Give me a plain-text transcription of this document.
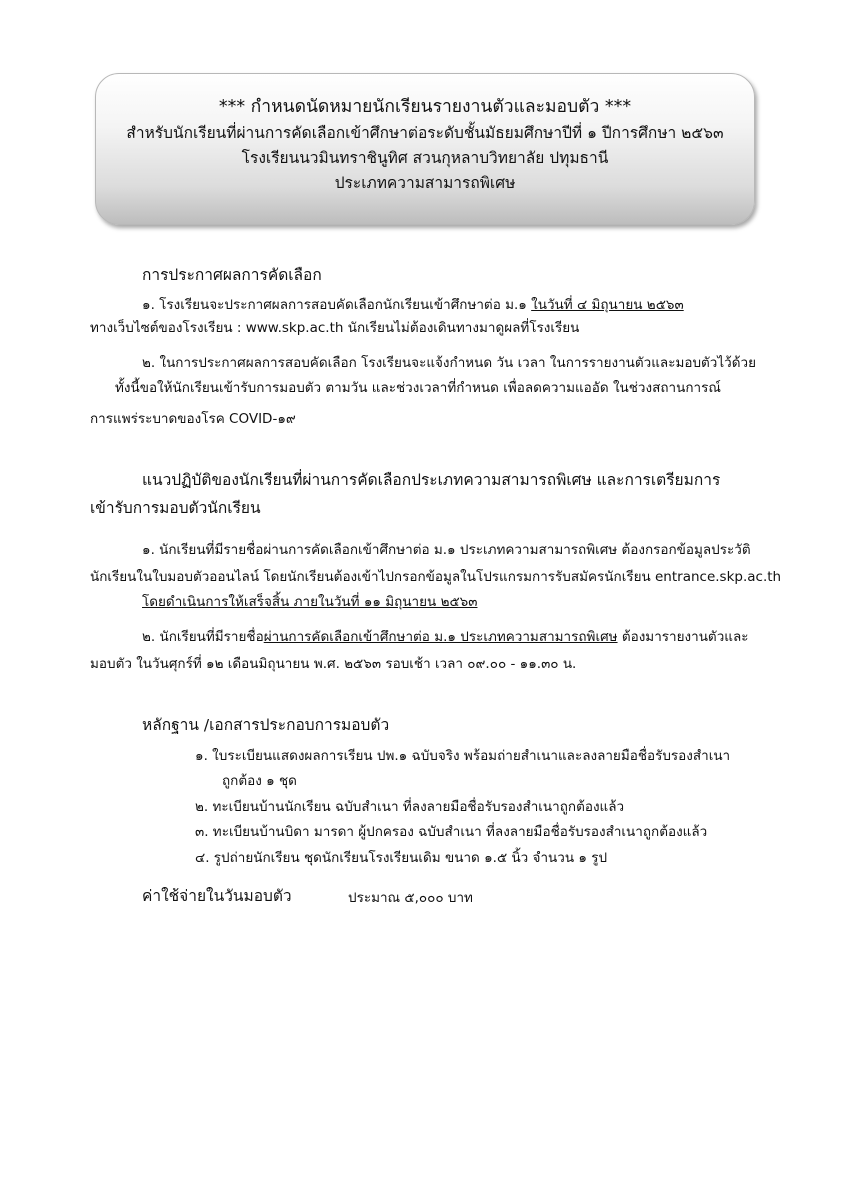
*** กำหนดนัดหมายนักเรียนรายงานตัวและมอบตัว ***
สำหรับนักเรียนที่ผ่านการคัดเลือกเข้าศึกษาต่อระดับชั้นมัธยมศึกษาปีที่ ๑ ปีการศึกษา ๒๕๖๓
โรงเรียนนวมินทราชินูทิศ สวนกุหลาบวิทยาลัย ปทุมธานี
ประเภทความสามารถพิเศษ
การประกาศผลการคัดเลือก
๑. โรงเรียนจะประกาศผลการสอบคัดเลือกนักเรียนเข้าศึกษาต่อ ม.๑ ในวันที่ ๔ มิถุนายน ๒๕๖๓
ทางเว็บไซต์ของโรงเรียน : www.skp.ac.th นักเรียนไม่ต้องเดินทางมาดูผลที่โรงเรียน
๒. ในการประกาศผลการสอบคัดเลือก โรงเรียนจะแจ้งกำหนด วัน เวลา ในการรายงานตัวและมอบตัวไว้ด้วย
ทั้งนี้ขอให้นักเรียนเข้ารับการมอบตัว ตามวัน และช่วงเวลาที่กำหนด เพื่อลดความแออัด ในช่วงสถานการณ์
การแพร่ระบาดของโรค COVID-๑๙
แนวปฏิบัติของนักเรียนที่ผ่านการคัดเลือกประเภทความสามารถพิเศษ และการเตรียมการ
เข้ารับการมอบตัวนักเรียน
๑. นักเรียนที่มีรายชื่อผ่านการคัดเลือกเข้าศึกษาต่อ ม.๑ ประเภทความสามารถพิเศษ ต้องกรอกข้อมูลประวัติ
นักเรียนในใบมอบตัวออนไลน์ โดยนักเรียนต้องเข้าไปกรอกข้อมูลในโปรแกรมการรับสมัครนักเรียน entrance.skp.ac.th
โดยดำเนินการให้เสร็จสิ้น ภายในวันที่ ๑๑ มิถุนายน ๒๕๖๓
๒. นักเรียนที่มีรายชื่อผ่านการคัดเลือกเข้าศึกษาต่อ ม.๑ ประเภทความสามารถพิเศษ ต้องมารายงานตัวและ
มอบตัว ในวันศุกร์ที่ ๑๒ เดือนมิถุนายน พ.ศ. ๒๕๖๓ รอบเช้า เวลา ๐๙.๐๐ - ๑๑.๓๐ น.
หลักฐาน /เอกสารประกอบการมอบตัว
๑. ใบระเบียนแสดงผลการเรียน ปพ.๑ ฉบับจริง พร้อมถ่ายสำเนาและลงลายมือชื่อรับรองสำเนา
ถูกต้อง ๑ ชุด
๒. ทะเบียนบ้านนักเรียน ฉบับสำเนา ที่ลงลายมือชื่อรับรองสำเนาถูกต้องแล้ว
๓. ทะเบียนบ้านบิดา มารดา ผู้ปกครอง ฉบับสำเนา ที่ลงลายมือชื่อรับรองสำเนาถูกต้องแล้ว
๔. รูปถ่ายนักเรียน ชุดนักเรียนโรงเรียนเดิม ขนาด ๑.๕ นิ้ว จำนวน ๑ รูป
ค่าใช้จ่ายในวันมอบตัว	ประมาณ ๕,๐๐๐ บาท
